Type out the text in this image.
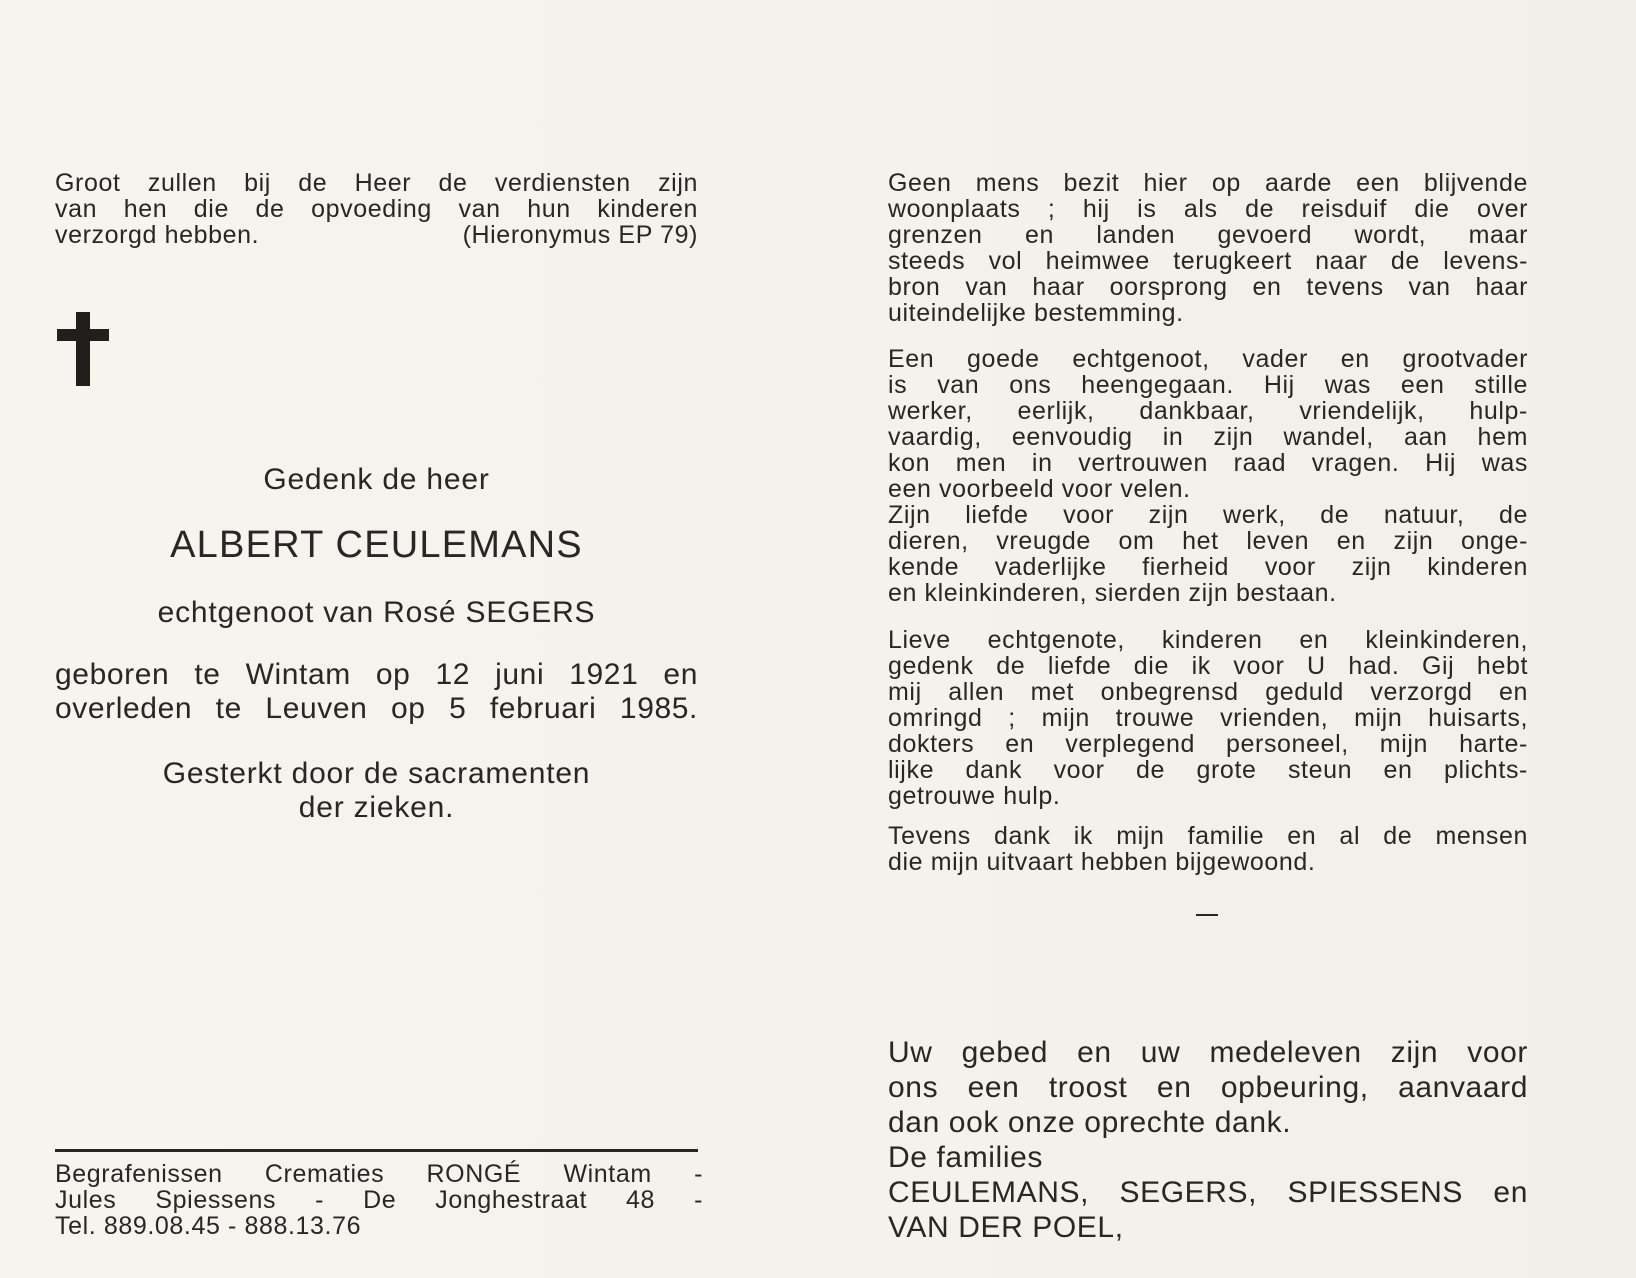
Groot zullen bij de Heer de verdiensten zijn
van hen die de opvoeding van hun kinderen
verzorgd hebben.	(Hieronymus EP 79)
Gedenk de heer
ALBERT CEULEMANS
echtgenoot van Rosé SEGERS
geboren te Wintam op 12 juni 1921 en
overleden te Leuven op 5 februari 1985.
Gesterkt door de sacramenten
der zieken.
Begrafenissen Crematies RONGÉ Wintam -
Jules Spiessens - De Jonghestraat 48 -
Tel. 889.08.45 - 888.13.76
Geen mens bezit hier op aarde een blijvende
woonplaats ; hij is als de reisduif die over
grenzen en landen gevoerd wordt, maar
steeds vol heimwee terugkeert naar de levens-
bron van haar oorsprong en tevens van haar
uiteindelijke bestemming.
Een goede echtgenoot, vader en grootvader
is van ons heengegaan. Hij was een stille
werker, eerlijk, dankbaar, vriendelijk, hulp-
vaardig, eenvoudig in zijn wandel, aan hem
kon men in vertrouwen raad vragen. Hij was
een voorbeeld voor velen.
Zijn liefde voor zijn werk, de natuur, de
dieren, vreugde om het leven en zijn onge-
kende vaderlijke fierheid voor zijn kinderen
en kleinkinderen, sierden zijn bestaan.
Lieve echtgenote, kinderen en kleinkinderen,
gedenk de liefde die ik voor U had. Gij hebt
mij allen met onbegrensd geduld verzorgd en
omringd ; mijn trouwe vrienden, mijn huisarts,
dokters en verplegend personeel, mijn harte-
lijke dank voor de grote steun en plichts-
getrouwe hulp.
Tevens dank ik mijn familie en al de mensen
die mijn uitvaart hebben bijgewoond.
Uw gebed en uw medeleven zijn voor
ons een troost en opbeuring, aanvaard
dan ook onze oprechte dank.
De families
CEULEMANS, SEGERS, SPIESSENS en
VAN DER POEL,
